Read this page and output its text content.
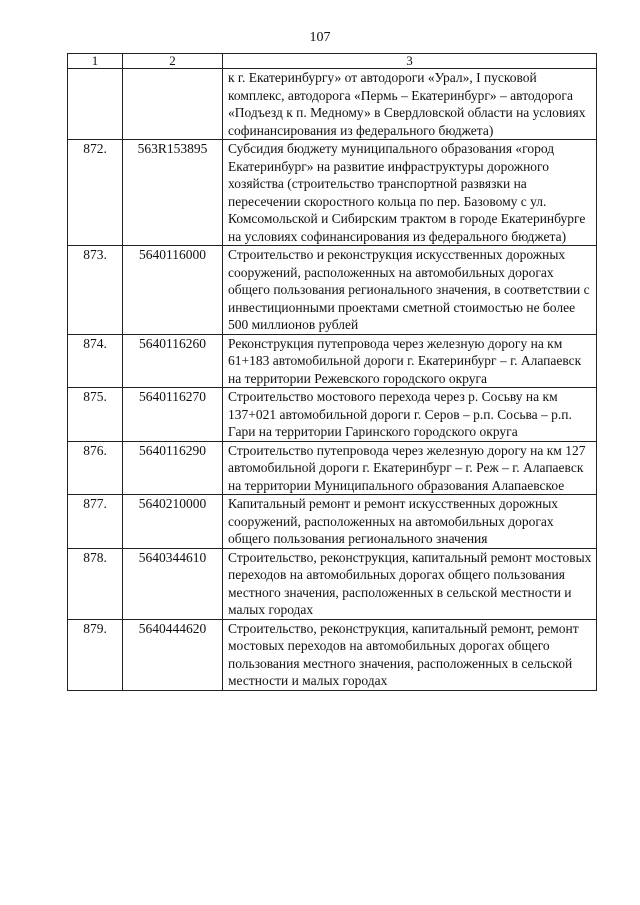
107
1	2	3
		к г. Екатеринбургу» от автодороги «Урал», I пусковой комплекс, автодорога «Пермь – Екатеринбург» – автодорога «Подъезд к п. Медному» в Свердловской области на условиях софинансирования из федерального бюджета)
872.	563R153895	Субсидия бюджету муниципального образования «город Екатеринбург» на развитие инфраструктуры дорожного хозяйства (строительство транспортной развязки на пересечении скоростного кольца по пер. Базовому с ул. Комсомольской и Сибирским трактом в городе Екатеринбурге на условиях софинансирования из федерального бюджета)
873.	5640116000	Строительство и реконструкция искусственных дорожных сооружений, расположенных на автомобильных дорогах общего пользования регионального значения, в соответствии с инвестиционными проектами сметной стоимостью не более 500 миллионов рублей
874.	5640116260	Реконструкция путепровода через железную дорогу на км 61+183 автомобильной дороги г. Екатеринбург – г. Алапаевск на территории Режевского городского округа
875.	5640116270	Строительство мостового перехода через р. Сосьву на км 137+021 автомобильной дороги г. Серов – р.п. Сосьва – р.п. Гари на территории Гаринского городского округа
876.	5640116290	Строительство путепровода через железную дорогу на км 127 автомобильной дороги г. Екатеринбург – г. Реж – г. Алапаевск на территории Муниципального образования Алапаевское
877.	5640210000	Капитальный ремонт и ремонт искусственных дорожных сооружений, расположенных на автомобильных дорогах общего пользования регионального значения
878.	5640344610	Строительство, реконструкция, капитальный ремонт мостовых переходов на автомобильных дорогах общего пользования местного значения, расположенных в сельской местности и малых городах
879.	5640444620	Строительство, реконструкция, капитальный ремонт, ремонт мостовых переходов на автомобильных дорогах общего пользования местного значения, расположенных в сельской местности и малых городах
